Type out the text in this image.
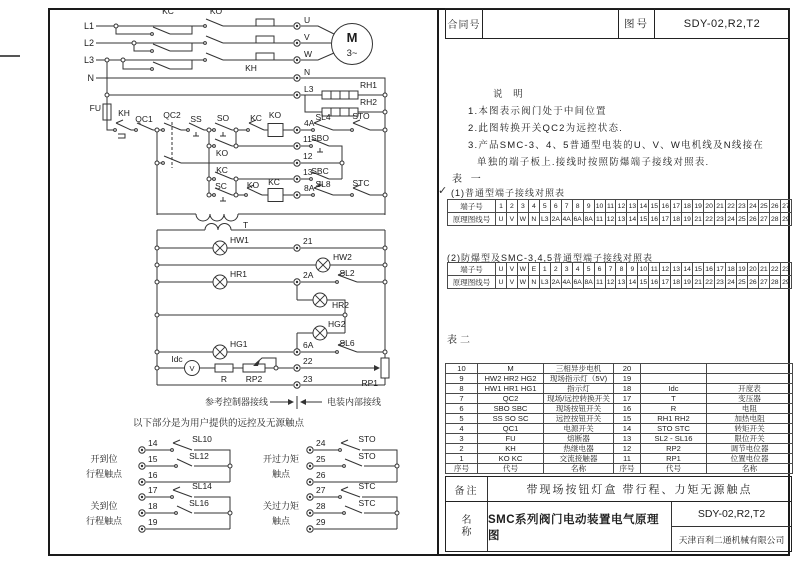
L1
L2
L3
N
KC	KO
KH
U
V
W
N
L3	RH1
RH2
FU KH
QC1 QC2 SS SO KC KO
4A
SL4	STO
KO
11 SBO
12
KC	13
SBC
SC KO KC
8A SL8	STC
T
HW1	21
HW2
HR1	2A	SL2
HR2
HG2
HG1	6A	SL6
Idc
R RP2
22
23	RP1
参考控制器接线	电装内部接线
以下部分是为用户提供的远控及无源触点
14	SL10
15	SL12
16
17	SL14
18	SL16
19
24	STO
25	STO
26
27	STC
28	STC
29
开到位
行程触点
关到位
行程触点
开过力矩
触点
关过力矩
触点
M
3~
V
合同号	图号	SDY-02,R2,T2
说 明
1.本图表示阀门处于中间位置
2.此图转换开关QC2为远控状态.
3.产品SMC-3、4、5普通型电装的U、V、W电机线及N线接在
单独的端子板上.接线时按照防爆端子接线对照表.
表 一
✓ (1)普通型端子接线对照表
端子号	1	2	3	4	5	6	7	8	9	10	11	12	13	14	15	16	17	18	19	20	21	22	23	24	25	26	27
原理图线号	U	V	W	N	L3	2A	4A	6A	8A	11	12	13	14	15	16	17	18	19	21	22	23	24	25	26	27	28	29
(2)防爆型及SMC-3,4,5普通型端子接线对照表
端子号	U	V	W	E	1	2	3	4	5	6	7	8	9	10	11	12	13	14	15	16	17	18	19	20	21	22	23
原理图线号	U	V	W	N	L3	2A	4A	6A	8A	11	12	13	14	15	16	17	18	19	21	22	23	24	25	26	27	28	29
表二
10	M	三相异步电机	20		
9	HW2 HR2 HG2	现场指示灯（5V)	19		
8	HW1 HR1 HG1	指示灯	18	Idc	开度表
7	QC2	现场/远控转换开关	17	T	变压器
6	SBO SBC	现场按钮开关	16	R	电阻
5	SS SO SC	远控按钮开关	15	RH1 RH2	加热电阻
4	QC1	电源开关	14	STO STC	转矩开关
3	FU	熔断器	13	SL2 - SL16	限位开关
2	KH	热继电器	12	RP2	调节电位器
1	KO KC	交流接触器	11	RP1	位置电位器
序号	代号	名称	序号	代号	名称
备注	带现场按钮灯盒 带行程、力矩无源触点
名
称
SMC系列阀门电动装置电气原理图
SDY-02,R2,T2
天津百利二通机械有限公司
